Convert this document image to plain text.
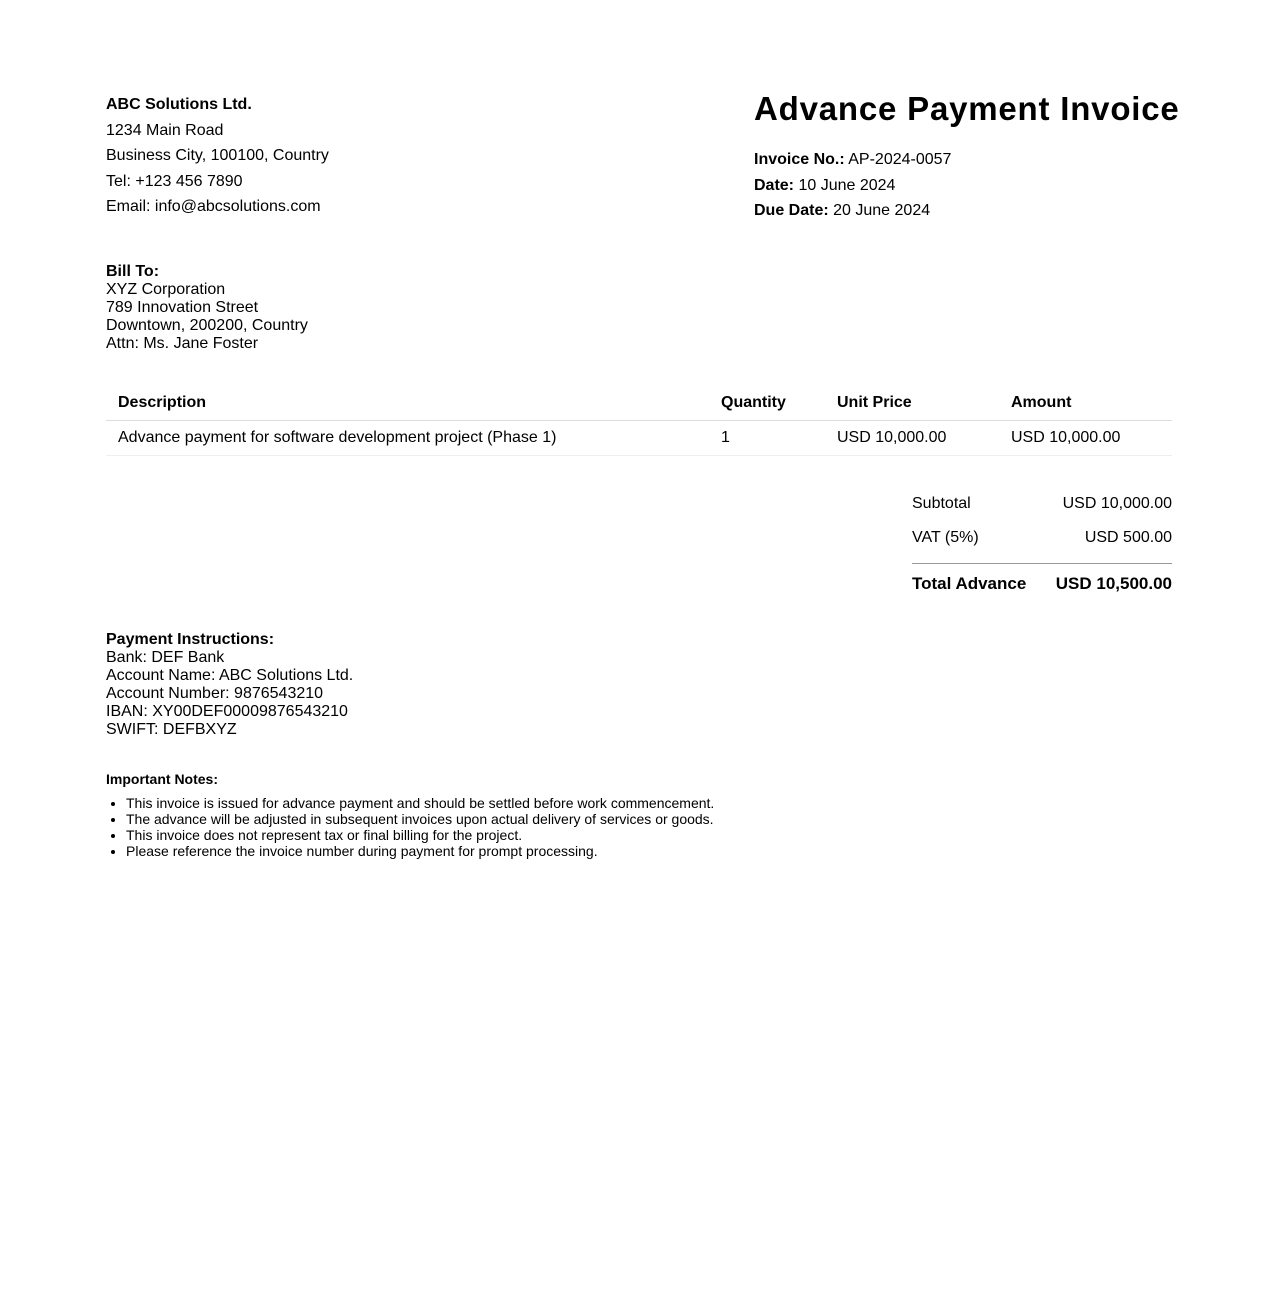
ABC Solutions Ltd.
1234 Main Road
Business City, 100100, Country
Tel: +123 456 7890
Email: info@abcsolutions.com
Advance Payment Invoice
Invoice No.: AP-2024-0057
Date: 10 June 2024
Due Date: 20 June 2024
Bill To:
XYZ Corporation
789 Innovation Street
Downtown, 200200, Country
Attn: Ms. Jane Foster
Description	Quantity	Unit Price	Amount
Advance payment for software development project (Phase 1)	1	USD 10,000.00	USD 10,000.00
Subtotal	USD 10,000.00
VAT (5%)	USD 500.00
Total Advance USD 10,500.00
Payment Instructions:
Bank: DEF Bank
Account Name: ABC Solutions Ltd.
Account Number: 9876543210
IBAN: XY00DEF00009876543210
SWIFT: DEFBXYZ
Important Notes:
• This invoice is issued for advance payment and should be settled before work commencement.
• The advance will be adjusted in subsequent invoices upon actual delivery of services or goods.
• This invoice does not represent tax or final billing for the project.
• Please reference the invoice number during payment for prompt processing.
